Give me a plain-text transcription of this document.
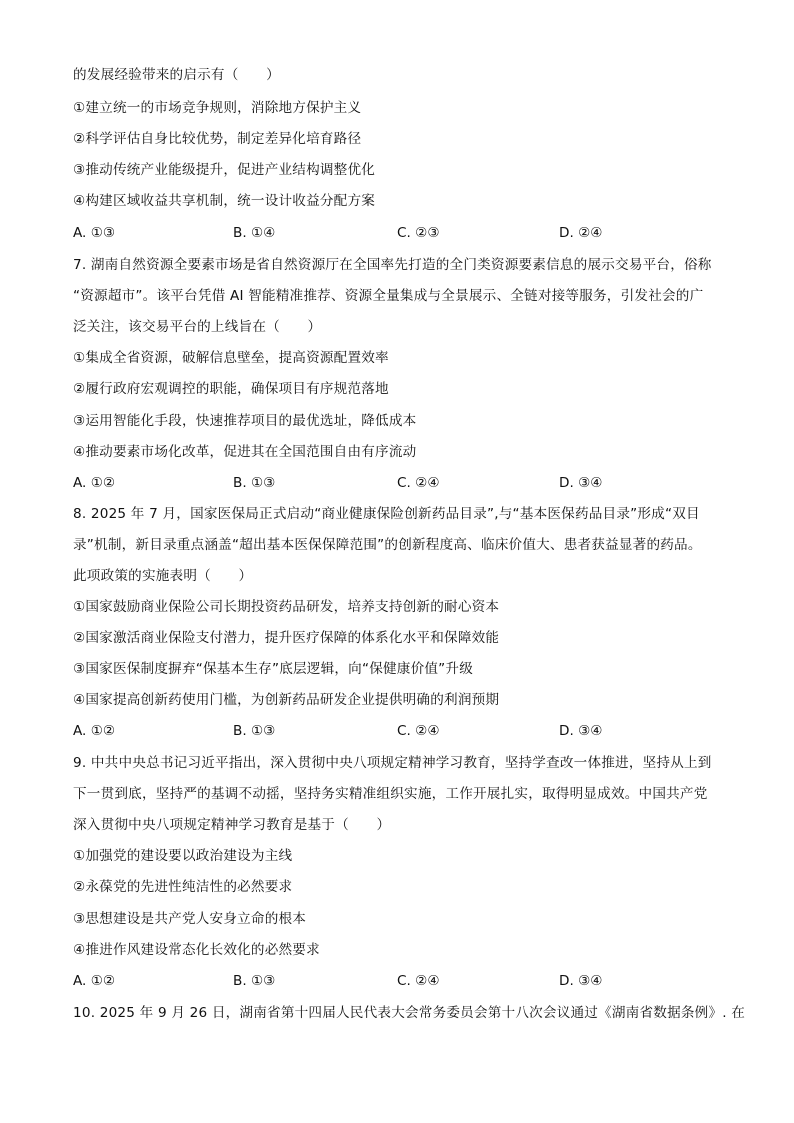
的发展经验带来的启示有（　　）
①建立统一的市场竞争规则，消除地方保护主义
②科学评估自身比较优势，制定差异化培育路径
③推动传统产业能级提升，促进产业结构调整优化
④构建区域收益共享机制，统一设计收益分配方案
A. ①③	B. ①④	C. ②③	D. ②④
7. 湖南自然资源全要素市场是省自然资源厅在全国率先打造的全门类资源要素信息的展示交易平台，俗称
“资源超市”。该平台凭借 AI 智能精准推荐、资源全量集成与全景展示、全链对接等服务，引发社会的广
泛关注，该交易平台的上线旨在（　　）
①集成全省资源，破解信息壁垒，提高资源配置效率
②履行政府宏观调控的职能，确保项目有序规范落地
③运用智能化手段，快速推荐项目的最优选址，降低成本
④推动要素市场化改革，促进其在全国范围自由有序流动
A. ①②	B. ①③	C. ②④	D. ③④
8. 2025 年 7 月，国家医保局正式启动“商业健康保险创新药品目录”,与“基本医保药品目录”形成“双目
录”机制，新目录重点涵盖“超出基本医保保障范围”的创新程度高、临床价值大、患者获益显著的药品。
此项政策的实施表明（　　）
①国家鼓励商业保险公司长期投资药品研发，培养支持创新的耐心资本
②国家激活商业保险支付潜力，提升医疗保障的体系化水平和保障效能
③国家医保制度摒弃“保基本生存”底层逻辑，向“保健康价值”升级
④国家提高创新药使用门槛，为创新药品研发企业提供明确的利润预期
A. ①②	B. ①③	C. ②④	D. ③④
9. 中共中央总书记习近平指出，深入贯彻中央八项规定精神学习教育，坚持学查改一体推进，坚持从上到
下一贯到底，坚持严的基调不动摇，坚持务实精准组织实施，工作开展扎实，取得明显成效。中国共产党
深入贯彻中央八项规定精神学习教育是基于（　　）
①加强党的建设要以政治建设为主线
②永葆党的先进性纯洁性的必然要求
③思想建设是共产党人安身立命的根本
④推进作风建设常态化长效化的必然要求
A. ①②	B. ①③	C. ②④	D. ③④
10. 2025 年 9 月 26 日，湖南省第十四届人民代表大会常务委员会第十八次会议通过《湖南省数据条例》. 在
